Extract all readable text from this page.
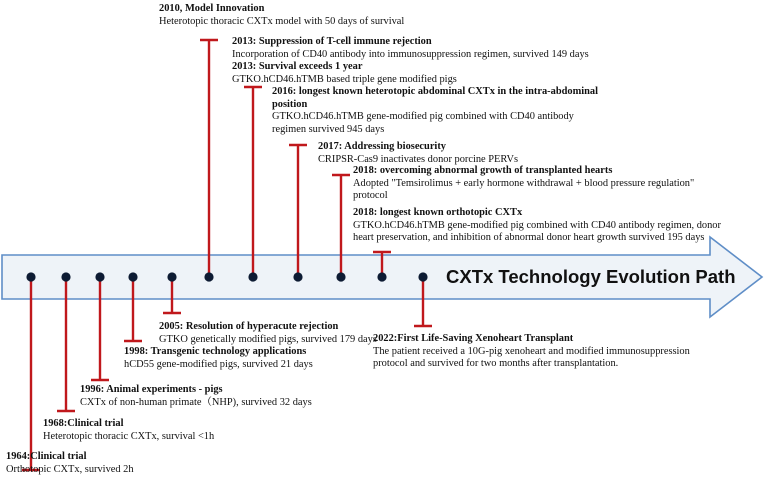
CXTx Technology Evolution Path
2010, Model Innovation
Heterotopic thoracic CXTx model with 50 days of survival
2013: Suppression of T-cell immune rejection
Incorporation of CD40 antibody into immunosuppression regimen, survived 149 days
2013: Survival exceeds 1 year
GTKO.hCD46.hTMB based triple gene modified pigs
2016: longest known heterotopic abdominal CXTx in the intra-abdominal
position
GTKO.hCD46.hTMB gene-modified pig combined with CD40 antibody
regimen survived 945 days
2017: Addressing biosecurity
CRIPSR-Cas9 inactivates donor porcine PERVs
2018: overcoming abnormal growth of transplanted hearts
Adopted "Temsirolimus + early hormone withdrawal + blood pressure regulation"
protocol
2018: longest known orthotopic CXTx
GTKO.hCD46.hTMB gene-modified pig combined with CD40 antibody regimen, donor
heart preservation, and inhibition of abnormal donor heart growth survived 195 days
2005: Resolution of hyperacute rejection
GTKO genetically modified pigs, survived 179 days
1998: Transgenic technology applications
hCD55 gene-modified pigs, survived 21 days
1996: Animal experiments - pigs
CXTx of non-human primate（NHP), survived 32 days
1968:Clinical trial
Heterotopic thoracic CXTx, survival <1h
1964:Clinical trial
Orthotopic CXTx, survived 2h
2022:First Life-Saving Xenoheart Transplant
The patient received a 10G-pig xenoheart and modified immunosuppression
protocol and survived for two months after transplantation.
